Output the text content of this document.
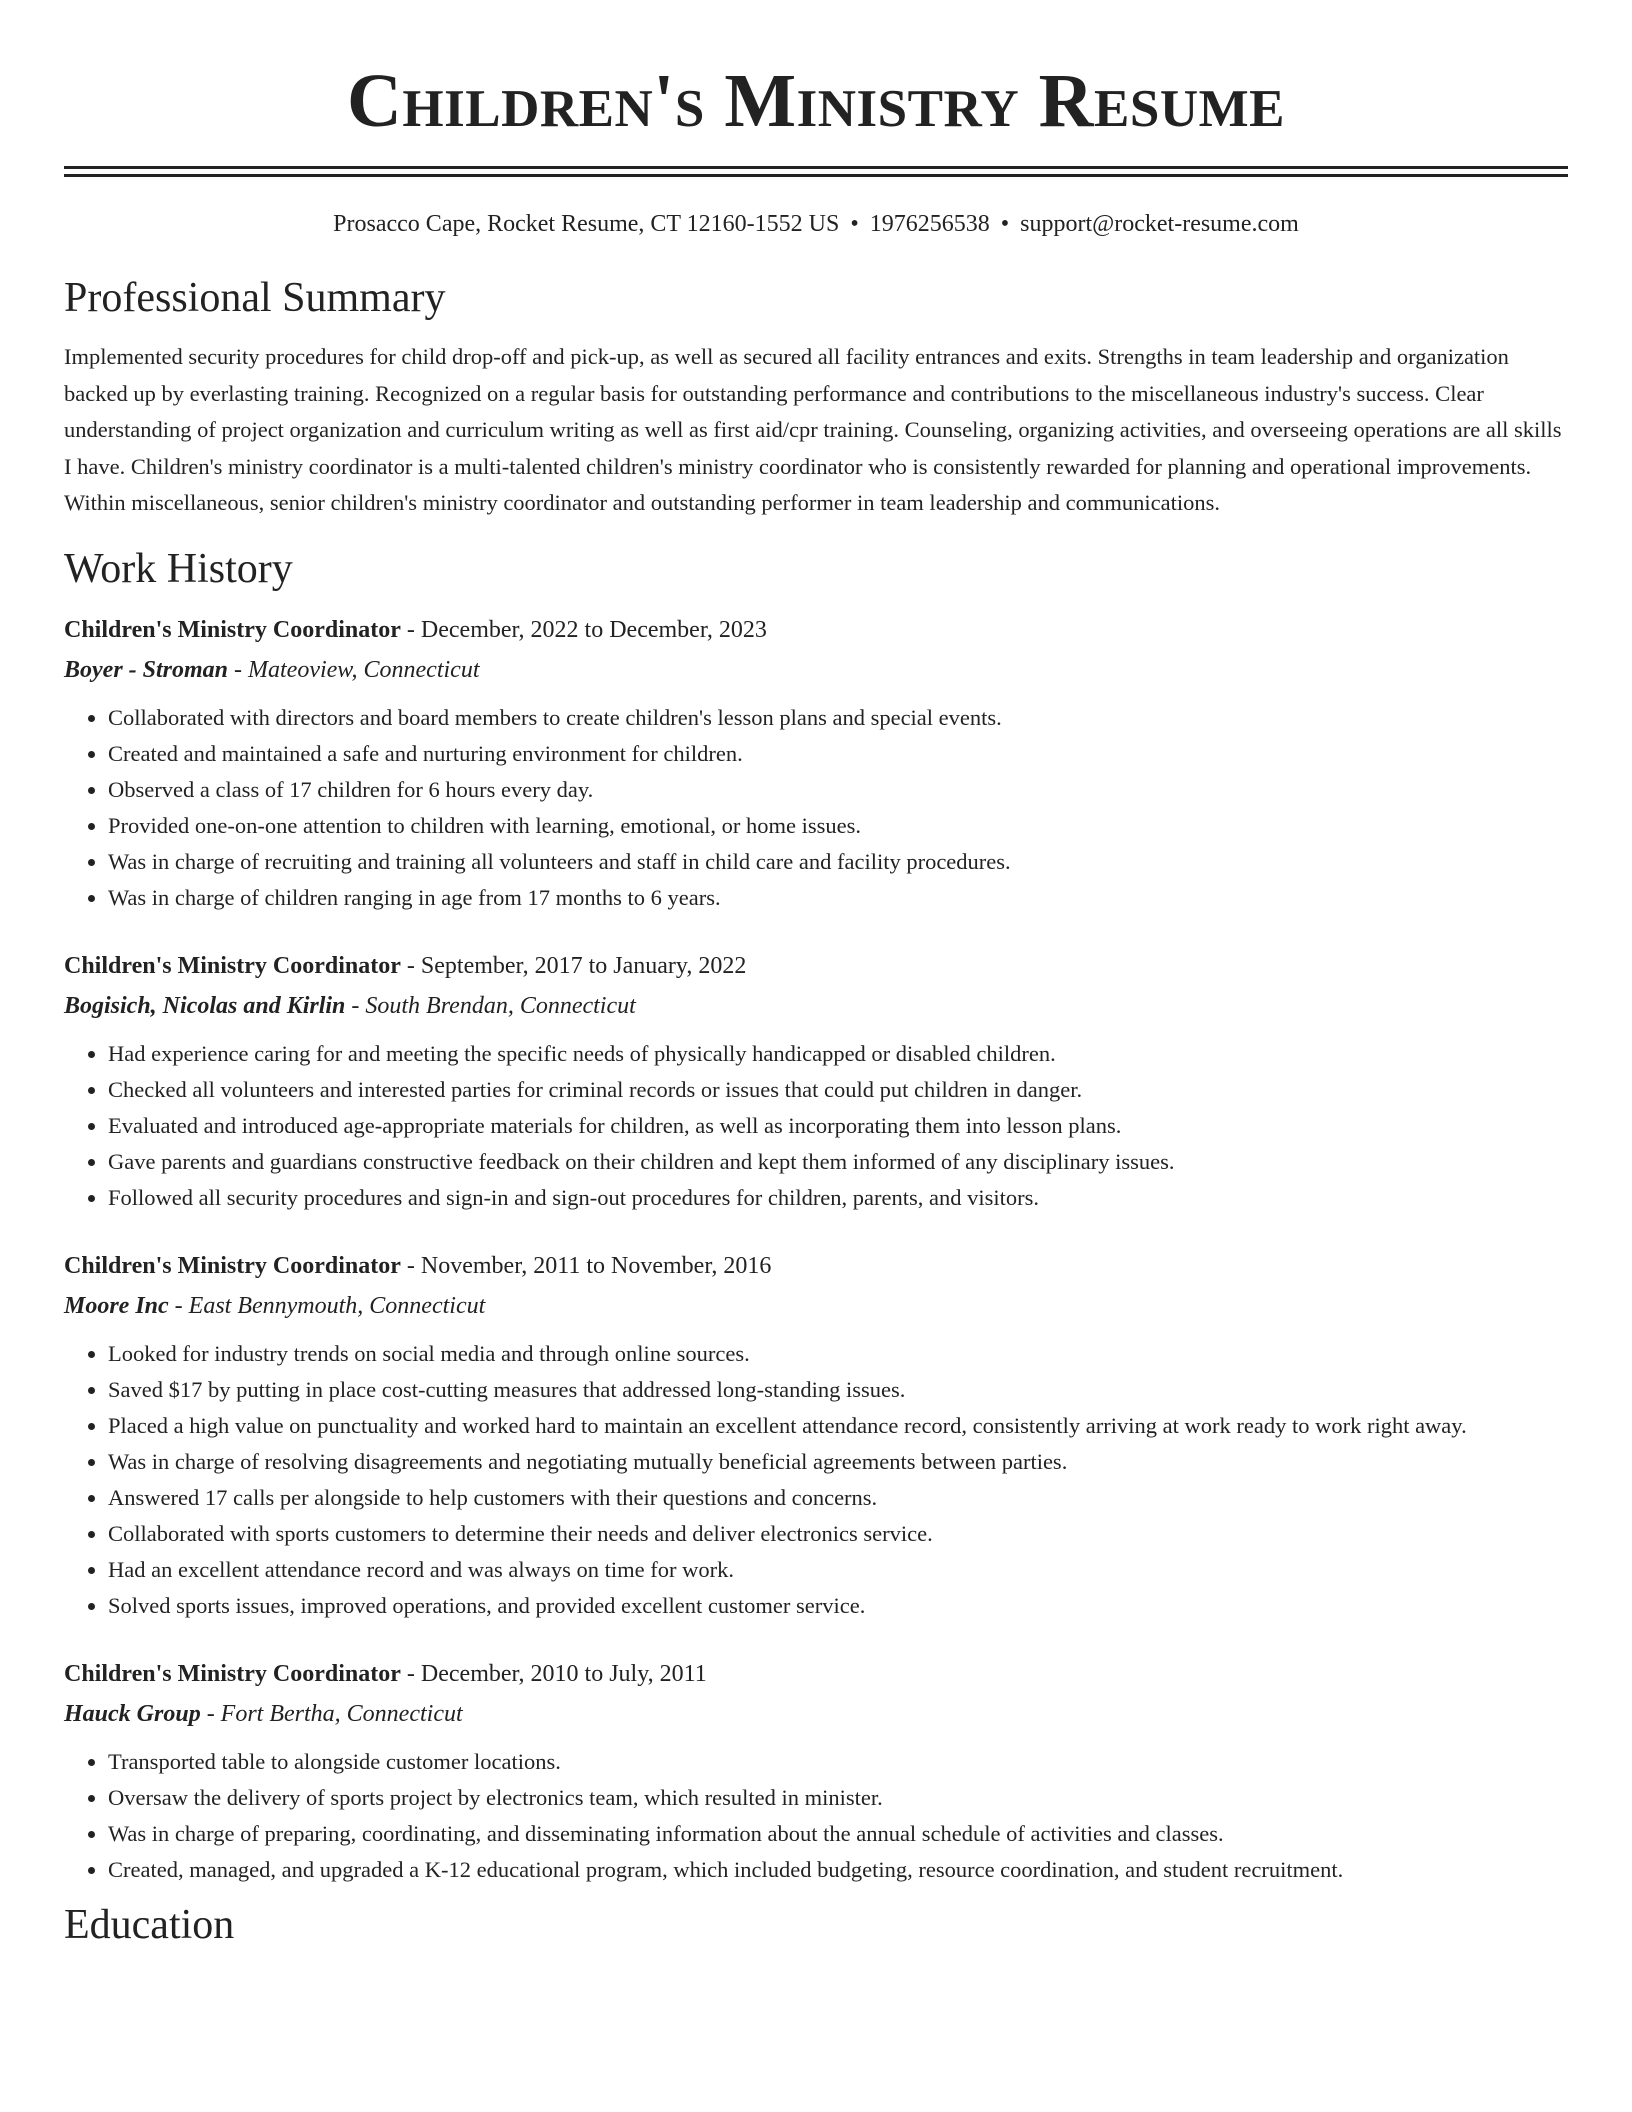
Children's Ministry Resume
Prosacco Cape, Rocket Resume, CT 12160-1552 US • 1976256538 • support@rocket-resume.com
Professional Summary

Implemented security procedures for child drop-off and pick-up, as well as secured all facility entrances and exits. Strengths in team leadership and organization backed up by everlasting training. Recognized on a regular basis for outstanding performance and contributions to the miscellaneous industry's success. Clear understanding of project organization and curriculum writing as well as first aid/cpr training. Counseling, organizing activities, and overseeing operations are all skills I have. Children's ministry coordinator is a multi-talented children's ministry coordinator who is consistently rewarded for planning and operational improvements. Within miscellaneous, senior children's ministry coordinator and outstanding performer in team leadership and communications.

Work History
Children's Ministry Coordinator - December, 2022 to December, 2023
Boyer - Stroman - Mateoview, Connecticut
• Collaborated with directors and board members to create children's lesson plans and special events.
• Created and maintained a safe and nurturing environment for children.
• Observed a class of 17 children for 6 hours every day.
• Provided one-on-one attention to children with learning, emotional, or home issues.
• Was in charge of recruiting and training all volunteers and staff in child care and facility procedures.
• Was in charge of children ranging in age from 17 months to 6 years.
Children's Ministry Coordinator - September, 2017 to January, 2022
Bogisich, Nicolas and Kirlin - South Brendan, Connecticut
• Had experience caring for and meeting the specific needs of physically handicapped or disabled children.
• Checked all volunteers and interested parties for criminal records or issues that could put children in danger.
• Evaluated and introduced age-appropriate materials for children, as well as incorporating them into lesson plans.
• Gave parents and guardians constructive feedback on their children and kept them informed of any disciplinary issues.
• Followed all security procedures and sign-in and sign-out procedures for children, parents, and visitors.
Children's Ministry Coordinator - November, 2011 to November, 2016
Moore Inc - East Bennymouth, Connecticut
• Looked for industry trends on social media and through online sources.
• Saved $17 by putting in place cost-cutting measures that addressed long-standing issues.
• Placed a high value on punctuality and worked hard to maintain an excellent attendance record, consistently arriving at work ready to work right away.
• Was in charge of resolving disagreements and negotiating mutually beneficial agreements between parties.
• Answered 17 calls per alongside to help customers with their questions and concerns.
• Collaborated with sports customers to determine their needs and deliver electronics service.
• Had an excellent attendance record and was always on time for work.
• Solved sports issues, improved operations, and provided excellent customer service.
Children's Ministry Coordinator - December, 2010 to July, 2011
Hauck Group - Fort Bertha, Connecticut
• Transported table to alongside customer locations.
• Oversaw the delivery of sports project by electronics team, which resulted in minister.
• Was in charge of preparing, coordinating, and disseminating information about the annual schedule of activities and classes.
• Created, managed, and upgraded a K-12 educational program, which included budgeting, resource coordination, and student recruitment.
Education
